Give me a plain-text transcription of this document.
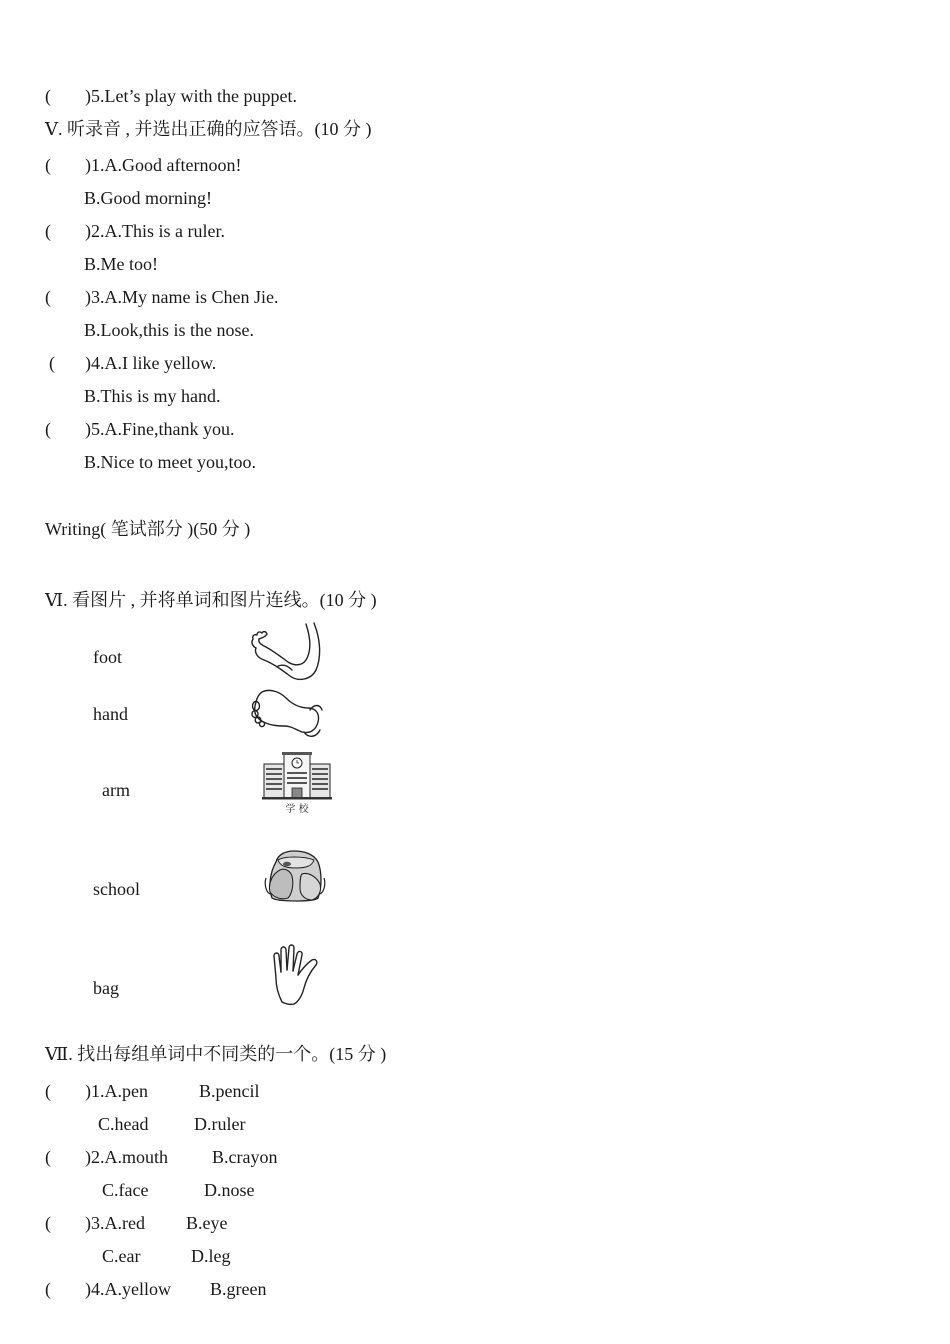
( )5.Let’s play with the puppet.
Ⅴ. 听录音 , 并选出正确的应答语。(10 分 )
( )1.A.Good afternoon!
B.Good morning!
( )2.A.This is a ruler.
B.Me too!
( )3.A.My name is Chen Jie.
B.Look,this is the nose.
( )4.A.I like yellow.
B.This is my hand.
( )5.A.Fine,thank you.
B.Nice to meet you,too.
Writing( 笔试部分 )(50 分 )
Ⅵ. 看图片 , 并将单词和图片连线。(10 分 )
foot
hand
arm
school
bag
学 校
Ⅶ. 找出每组单词中不同类的一个。(15 分 )
( )1.A.pen	B.pencil
C.head	D.ruler
( )2.A.mouth B.crayon
C.face	D.nose
( )3.A.red B.eye
C.ear	D.leg
( )4.A.yellow B.green
